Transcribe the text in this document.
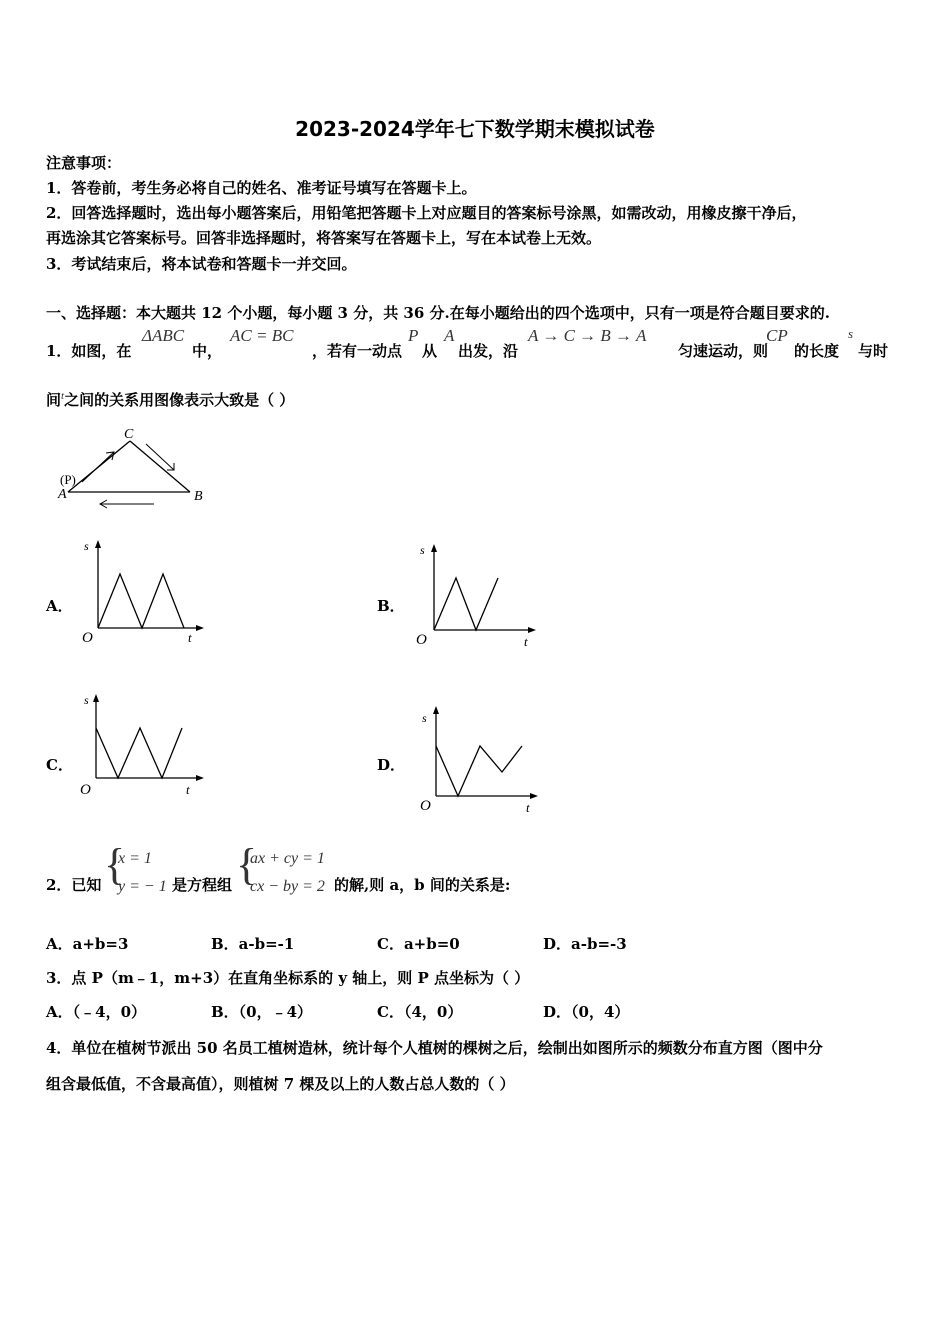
2023-2024学年七下数学期末模拟试卷
注意事项：
1．答卷前，考生务必将自己的姓名、准考证号填写在答题卡上。
2．回答选择题时，选出每小题答案后，用铅笔把答题卡上对应题目的答案标号涂黑，如需改动，用橡皮擦干净后，
再选涂其它答案标号。回答非选择题时，将答案写在答题卡上，写在本试卷上无效。
3．考试结束后，将本试卷和答题卡一并交回。
一、选择题：本大题共 12 个小题，每小题 3 分，共 36 分.在每小题给出的四个选项中，只有一项是符合题目要求的.
1．如图，在
ΔABC
中，
AC = BC
，若有一动点
P
从
A
出发，沿
A → C → B → A
匀速运动，则
CP
的长度
s
与时
间$^t$之间的关系用图像表示大致是（ ）
C
A	B
(P)
A．	B．
C．	D．
s
O	t
s
O	t
s
O	t
s
O	t
2．已知 {
x = 1
y = − 1 是方程组 {
ax + cy = 1
cx − by = 2 的解,则 a，b 间的关系是:
A．a+b=3	B．a-b=-1	C．a+b=0	D．a-b=-3
3．点 P（m﹣1，m+3）在直角坐标系的 y 轴上，则 P 点坐标为（ ）
A．（﹣4，0）	B．（0，﹣4）	C．（4，0）	D．（0，4）
4．单位在植树节派出 50 名员工植树造林，统计每个人植树的棵树之后，绘制出如图所示的频数分布直方图（图中分
组含最低值，不含最高值），则植树 7 棵及以上的人数占总人数的（ ）
